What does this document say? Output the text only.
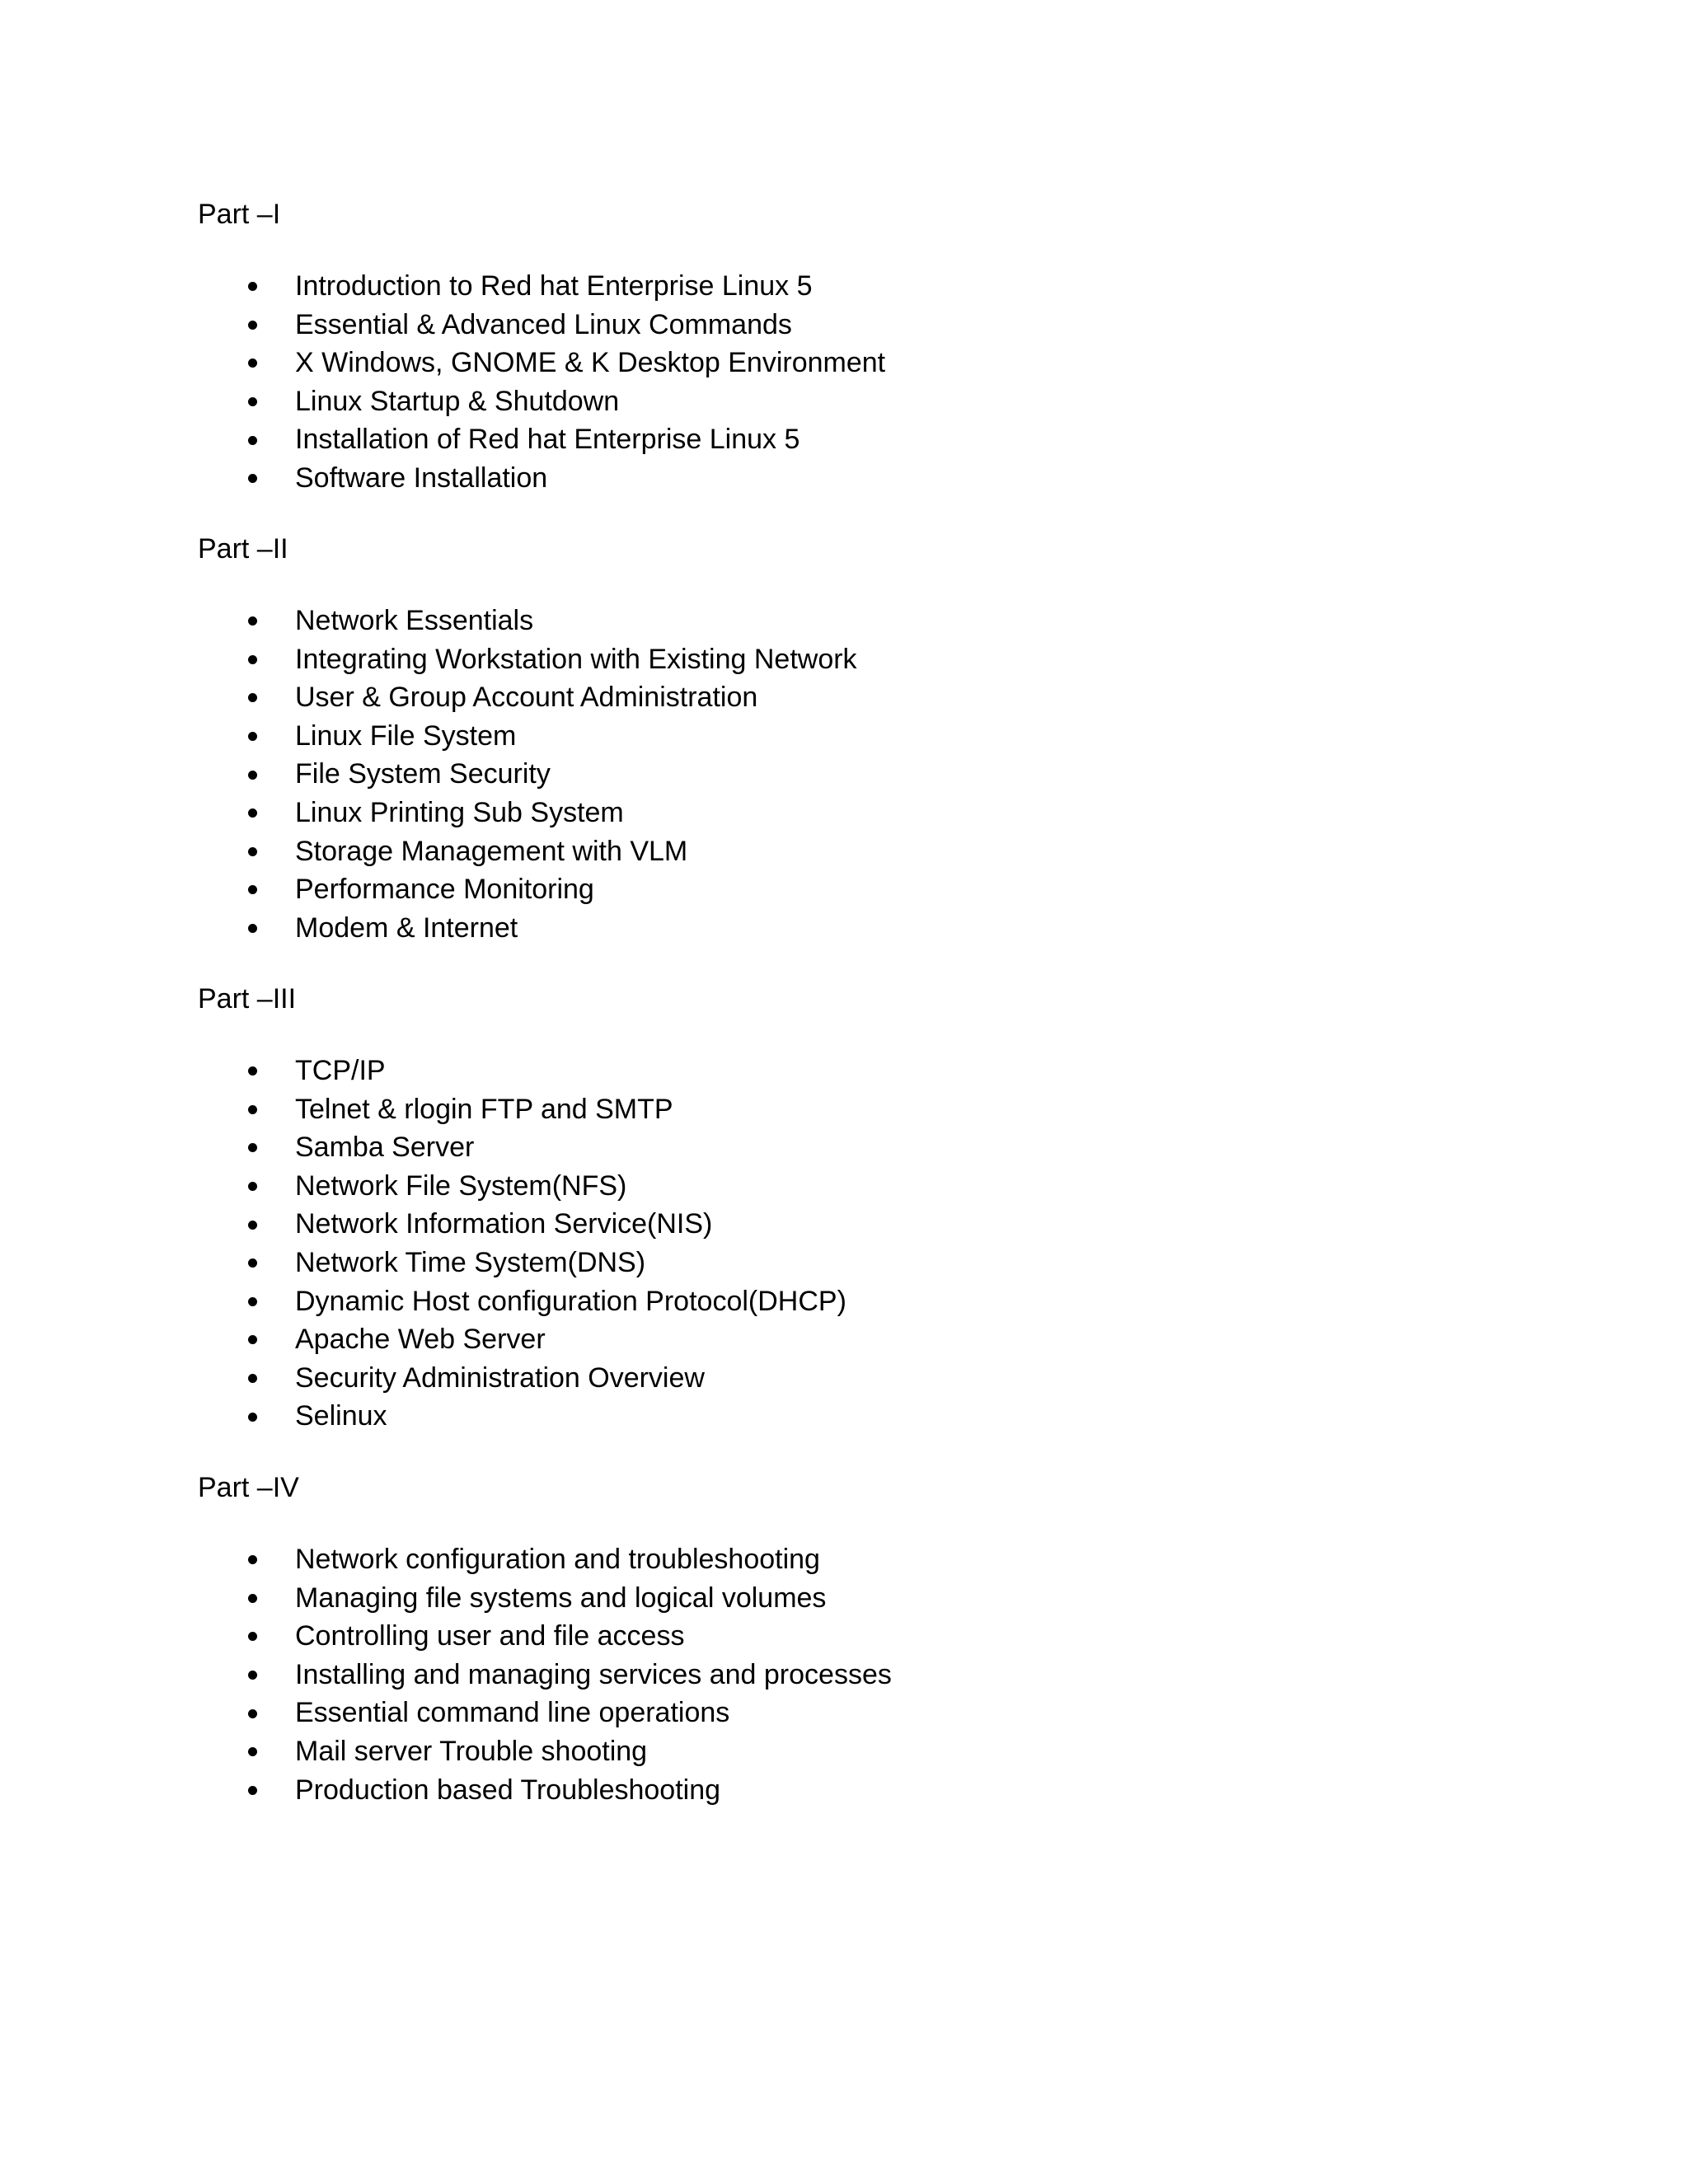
Part –I

Introduction to Red hat Enterprise Linux 5
Essential & Advanced Linux Commands
X Windows, GNOME & K Desktop Environment
Linux Startup & Shutdown
Installation of Red hat Enterprise Linux 5
Software Installation

Part –II

Network Essentials
Integrating Workstation with Existing Network
User & Group Account Administration
Linux File System
File System Security
Linux Printing Sub System
Storage Management with VLM
Performance Monitoring
Modem & Internet

Part –III

TCP/IP
Telnet & rlogin FTP and SMTP
Samba Server
Network File System(NFS)
Network Information Service(NIS)
Network Time System(DNS)
Dynamic Host configuration Protocol(DHCP)
Apache Web Server
Security Administration Overview
Selinux

Part –IV

Network configuration and troubleshooting
Managing file systems and logical volumes
Controlling user and file access
Installing and managing services and processes
Essential command line operations
Mail server Trouble shooting
Production based Troubleshooting
